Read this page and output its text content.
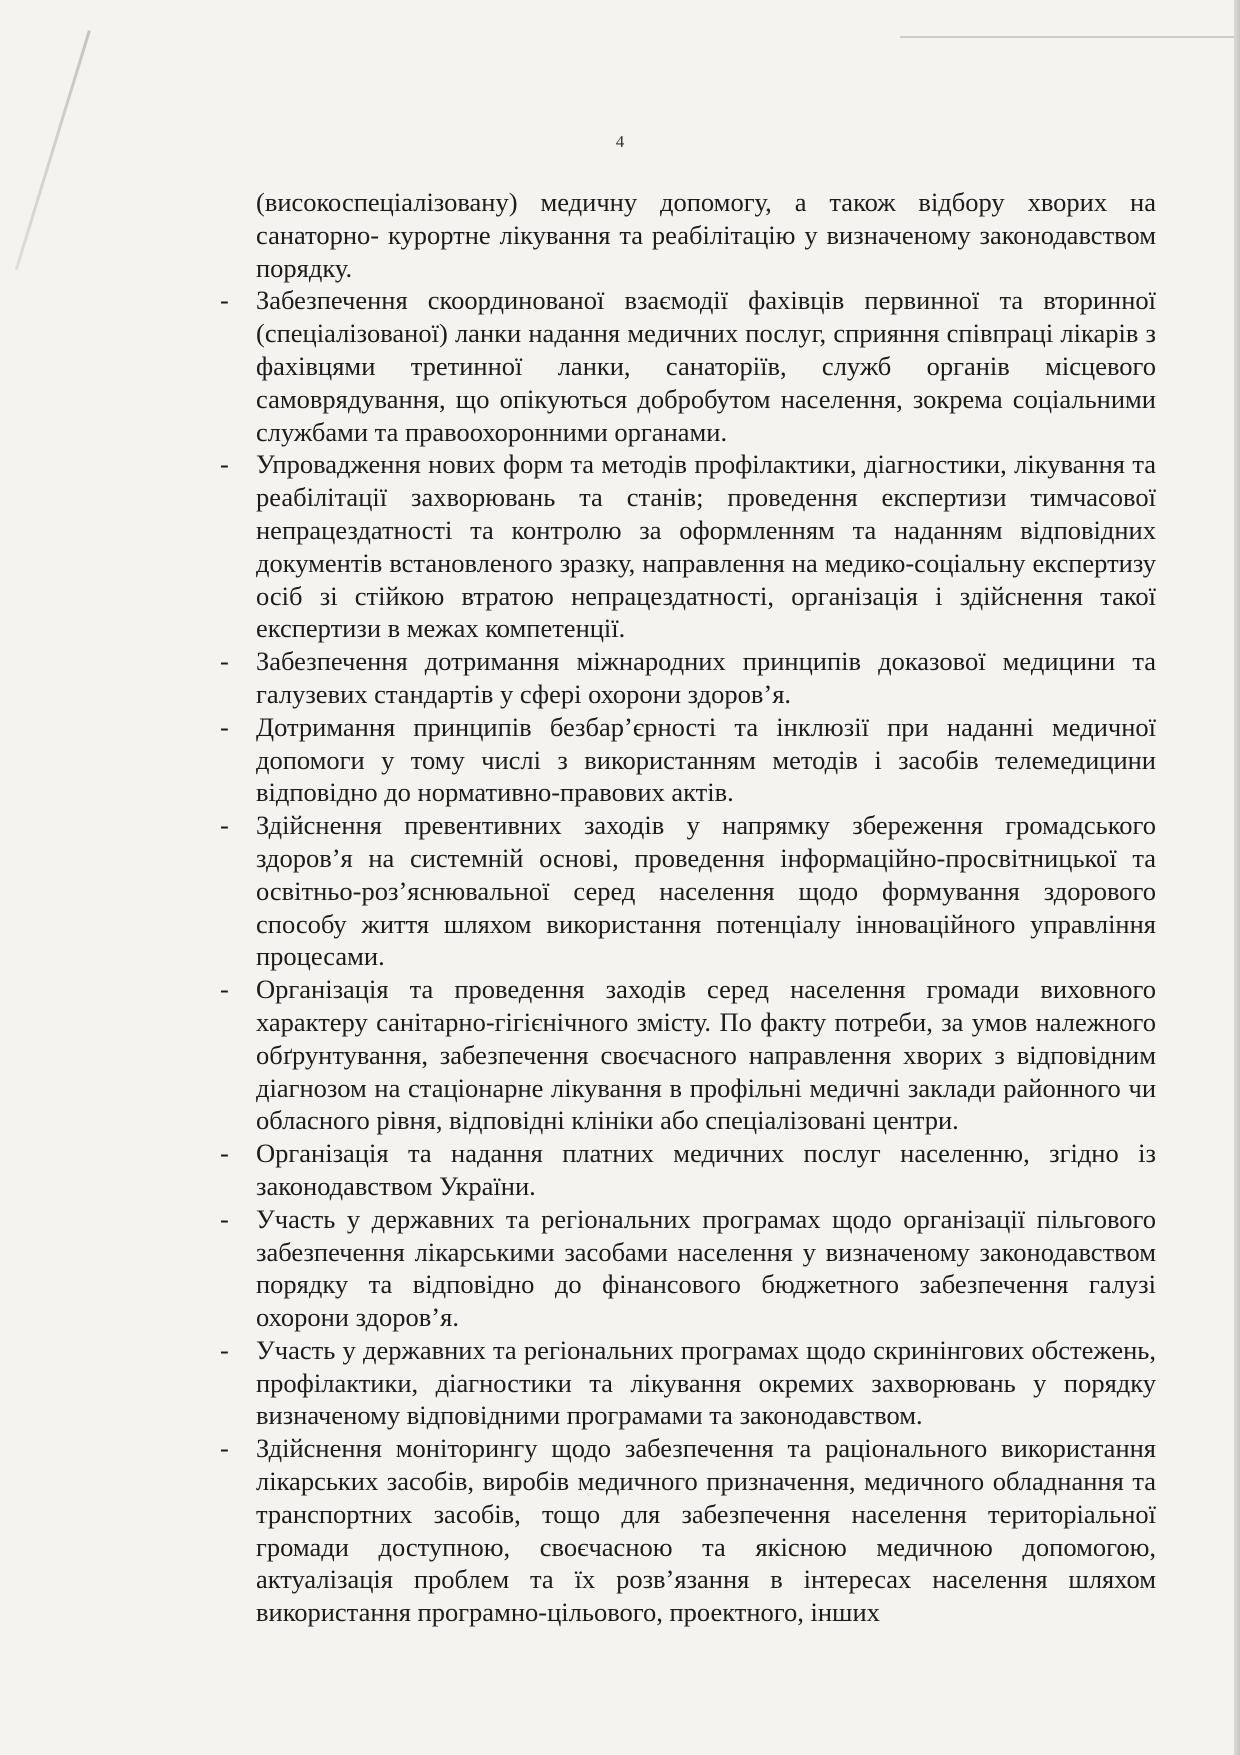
4

(високоспеціалізовану) медичну допомогу, а також відбору хворих на санаторно- курортне лікування та реабілітацію у визначеному законодавством порядку.

- Забезпечення скоординованої взаємодії фахівців первинної та вторинної (спеціалізованої) ланки надання медичних послуг, сприяння співпраці лікарів з фахівцями третинної ланки, санаторіїв, служб органів місцевого самоврядування, що опікуються добробутом населення, зокрема соціальними службами та правоохоронними органами.
- Упровадження нових форм та методів профілактики, діагностики, лікування та реабілітації захворювань та станів; проведення експертизи тимчасової непрацездатності та контролю за оформленням та наданням відповідних документів встановленого зразку, направлення на медико-соціальну експертизу осіб зі стійкою втратою непрацездатності, організація і здійснення такої експертизи в межах компетенції.
- Забезпечення дотримання міжнародних принципів доказової медицини та галузевих стандартів у сфері охорони здоров’я.
- Дотримання принципів безбар’єрності та інклюзії при наданні медичної допомоги у тому числі з використанням методів і засобів телемедицини відповідно до нормативно-правових актів.
- Здійснення превентивних заходів у напрямку збереження громадського здоров’я на системній основі, проведення інформаційно-просвітницької та освітньо-роз’яснювальної серед населення щодо формування здорового способу життя шляхом використання потенціалу інноваційного управління процесами.
- Організація та проведення заходів серед населення громади виховного характеру санітарно-гігієнічного змісту. По факту потреби, за умов належного обґрунтування, забезпечення своєчасного направлення хворих з відповідним діагнозом на стаціонарне лікування в профільні медичні заклади районного чи обласного рівня, відповідні клініки або спеціалізовані центри.
- Організація та надання платних медичних послуг населенню, згідно із законодавством України.
- Участь у державних та регіональних програмах щодо організації пільгового забезпечення лікарськими засобами населення у визначеному законодавством порядку та відповідно до фінансового бюджетного забезпечення галузі охорони здоров’я.
- Участь у державних та регіональних програмах щодо скринінгових обстежень, профілактики, діагностики та лікування окремих захворювань у порядку визначеному відповідними програмами та законодавством.
- Здійснення моніторингу щодо забезпечення та раціонального використання лікарських засобів, виробів медичного призначення, медичного обладнання та транспортних засобів, тощо для забезпечення населення територіальної громади доступною, своєчасною та якісною медичною допомогою, актуалізація проблем та їх розв’язання в інтересах населення шляхом використання програмно-цільового, проектного, інших
